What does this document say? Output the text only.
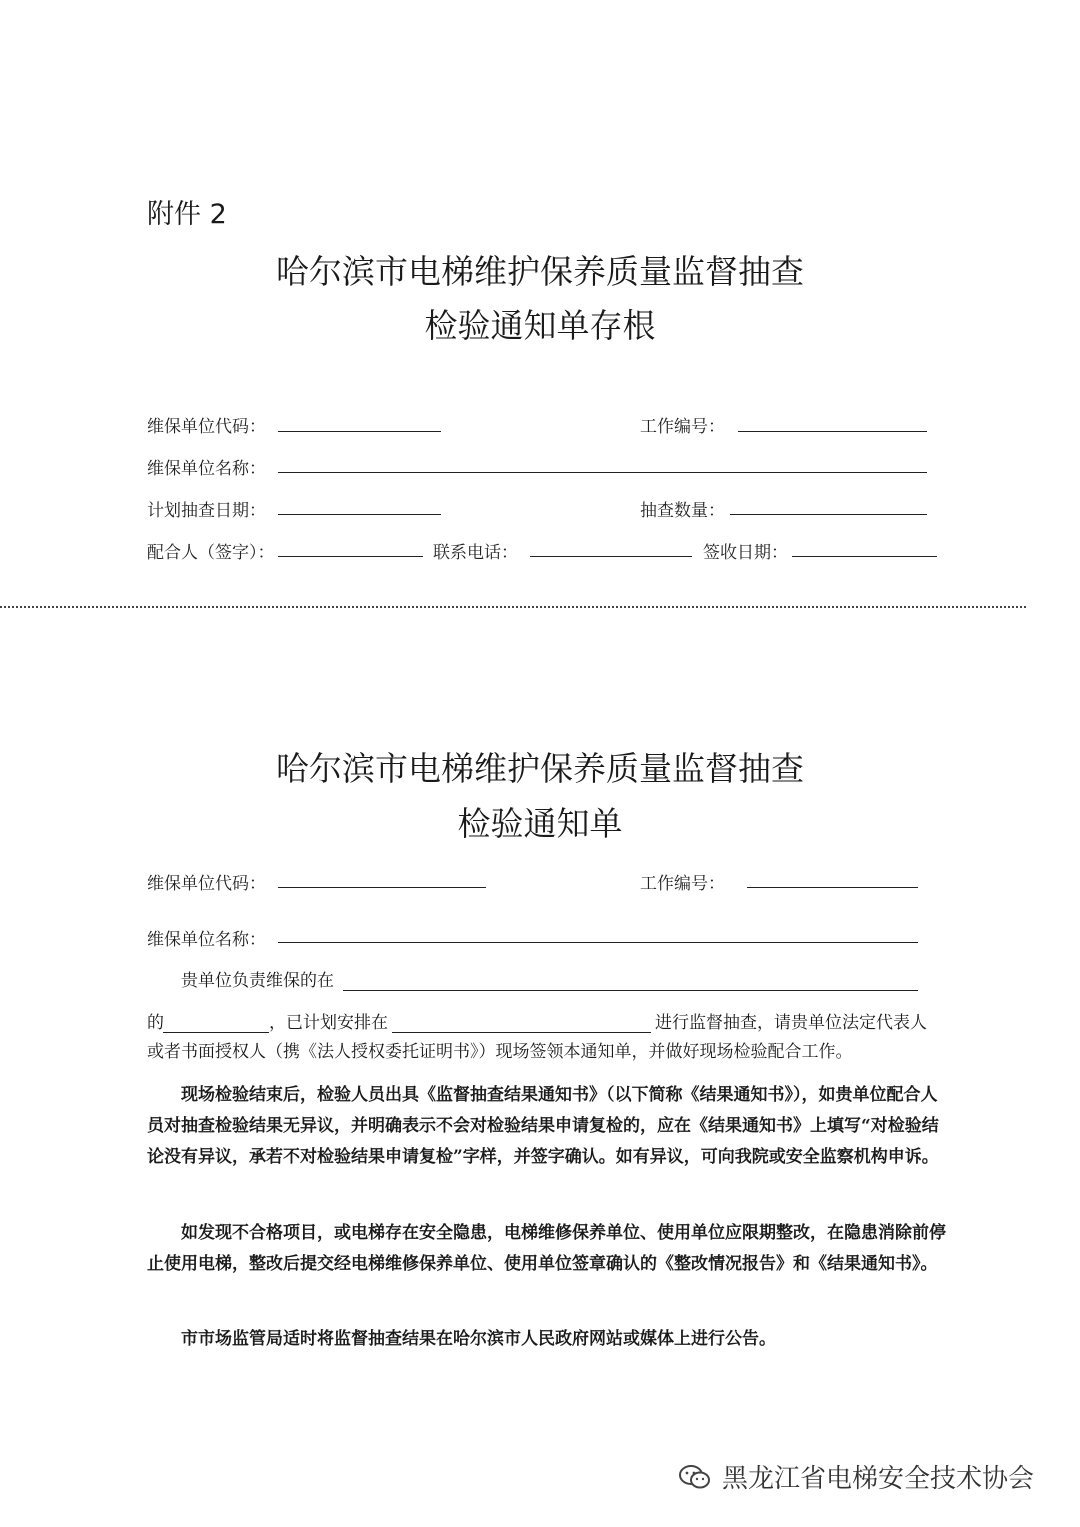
附件 2
哈尔滨市电梯维护保养质量监督抽查
检验通知单存根
维保单位代码：	工作编号：
维保单位名称：
计划抽查日期：	抽查数量：
配合人（签字）：	联系电话：	签收日期：
哈尔滨市电梯维护保养质量监督抽查
检验通知单
维保单位代码：	工作编号：
维保单位名称：
贵单位负责维保的在
的	，已计划安排在	进行监督抽查，请贵单位法定代表人
或者书面授权人（携《法人授权委托证明书》）现场签领本通知单，并做好现场检验配合工作。
现场检验结束后，检验人员出具《监督抽查结果通知书》（以下简称《结果通知书》），如贵单位配合人员对抽查检验结果无异议，并明确表示不会对检验结果申请复检的，应在《结果通知书》上填写“对检验结论没有异议，承若不对检验结果申请复检”字样，并签字确认。如有异议，可向我院或安全监察机构申诉。
如发现不合格项目，或电梯存在安全隐患，电梯维修保养单位、使用单位应限期整改，在隐患消除前停止使用电梯，整改后提交经电梯维修保养单位、使用单位签章确认的《整改情况报告》和《结果通知书》。
市市场监管局适时将监督抽查结果在哈尔滨市人民政府网站或媒体上进行公告。
黑龙江省电梯安全技术协会
